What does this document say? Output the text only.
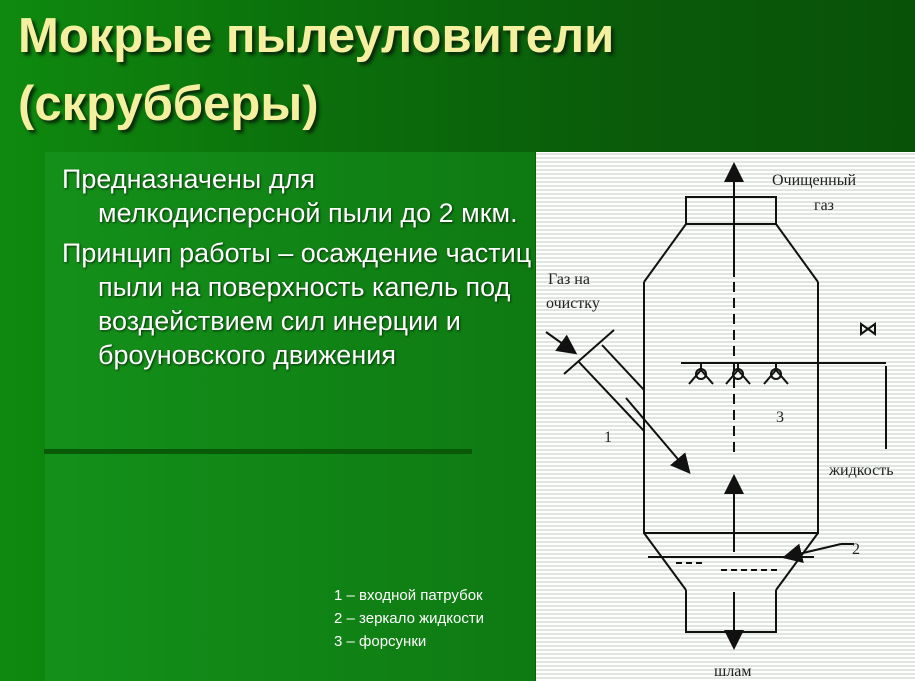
Мокрые пылеуловители (скрубберы)
Предназначены для мелкодисперсной пыли до 2 мкм.
Принцип работы – осаждение частиц пыли на поверхность капель под воздействием сил инерции и броуновского движения
1 – входной патрубок
2 – зеркало жидкости
3 – форсунки
Очищенный
газ
Газ на
очистку
жидкость
шлам
1
2
3
